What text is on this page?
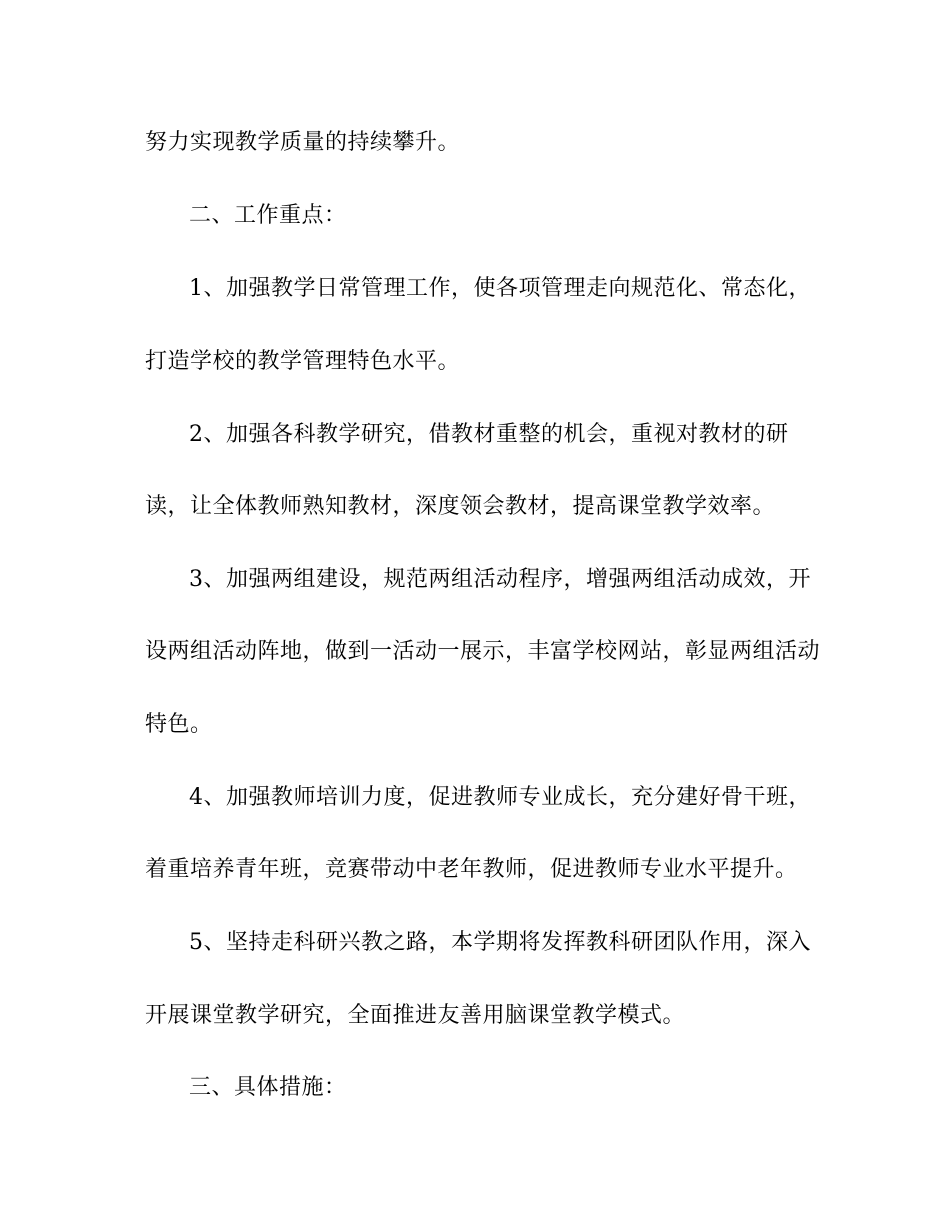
努力实现教学质量的持续攀升。
二、工作重点：
1、加强教学日常管理工作，使各项管理走向规范化、常态化，
打造学校的教学管理特色水平。
2、加强各科教学研究，借教材重整的机会，重视对教材的研
读，让全体教师熟知教材，深度领会教材，提高课堂教学效率。
3、加强两组建设，规范两组活动程序，增强两组活动成效，开
设两组活动阵地，做到一活动一展示，丰富学校网站，彰显两组活动
特色。
4、加强教师培训力度，促进教师专业成长，充分建好骨干班，
着重培养青年班，竞赛带动中老年教师，促进教师专业水平提升。
5、坚持走科研兴教之路，本学期将发挥教科研团队作用，深入
开展课堂教学研究，全面推进友善用脑课堂教学模式。
三、具体措施：
